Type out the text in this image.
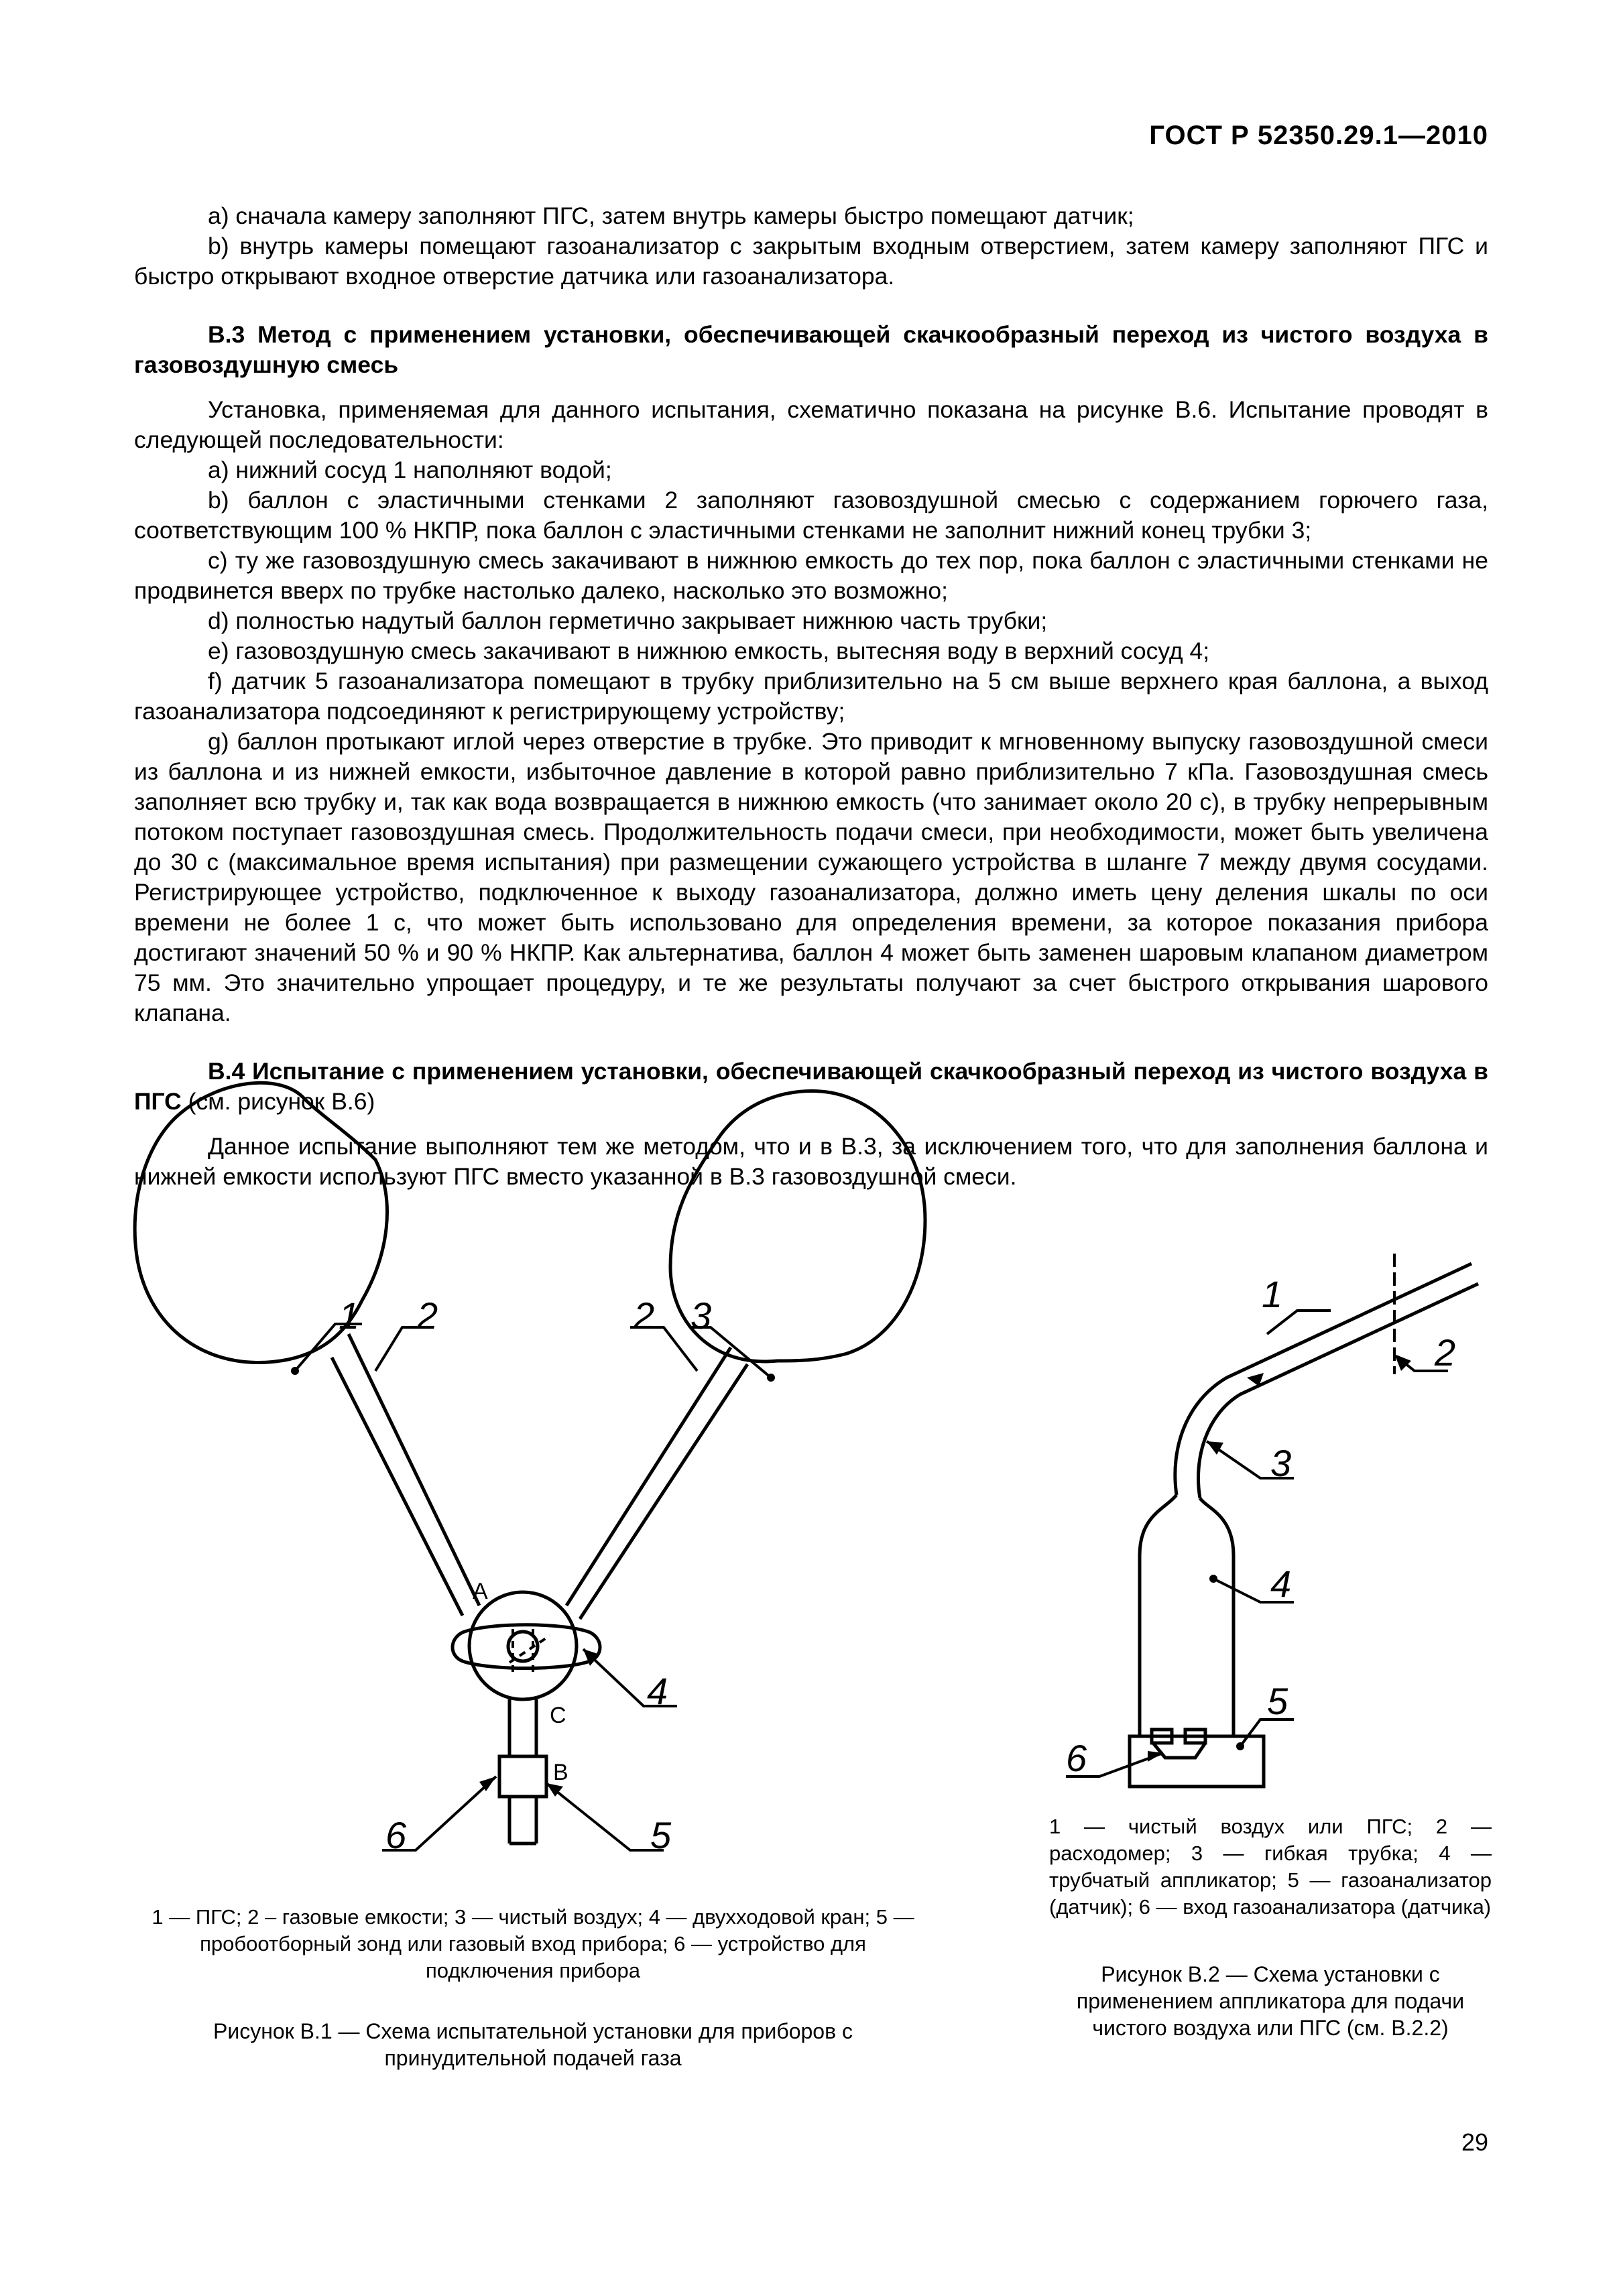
ГОСТ Р 52350.29.1—2010

a) сначала камеру заполняют ПГС, затем внутрь камеры быстро помещают датчик;

b) внутрь камеры помещают газоанализатор с закрытым входным отверстием, затем камеру заполняют ПГС и быстро открывают входное отверстие датчика или газоанализатора.

В.3 Метод с применением установки, обеспечивающей скачкообразный переход из чистого воздуха в газовоздушную смесь

Установка, применяемая для данного испытания, схематично показана на рисунке В.6. Испытание проводят в следующей последовательности:

a) нижний сосуд 1 наполняют водой;

b) баллон с эластичными стенками 2 заполняют газовоздушной смесью с содержанием горючего газа, соответствующим 100 % НКПР, пока баллон с эластичными стенками не заполнит нижний конец трубки 3;

c) ту же газовоздушную смесь закачивают в нижнюю емкость до тех пор, пока баллон с эластичными стенками не продвинется вверх по трубке настолько далеко, насколько это возможно;

d) полностью надутый баллон герметично закрывает нижнюю часть трубки;

e) газовоздушную смесь закачивают в нижнюю емкость, вытесняя воду в верхний сосуд 4;

f) датчик 5 газоанализатора помещают в трубку приблизительно на 5 см выше верхнего края баллона, а выход газоанализатора подсоединяют к регистрирующему устройству;

g) баллон протыкают иглой через отверстие в трубке. Это приводит к мгновенному выпуску газовоздушной смеси из баллона и из нижней емкости, избыточное давление в которой равно приблизительно 7 кПа. Газовоздушная смесь заполняет всю трубку и, так как вода возвращается в нижнюю емкость (что занимает около 20 с), в трубку непрерывным потоком поступает газовоздушная смесь. Продолжительность подачи смеси, при необходимости, может быть увеличена до 30 с (максимальное время испытания) при размещении сужающего устройства в шланге 7 между двумя сосудами. Регистрирующее устройство, подключенное к выходу газоанализатора, должно иметь цену деления шкалы по оси времени не более 1 с, что может быть использовано для определения времени, за которое показания прибора достигают значений 50 % и 90 % НКПР. Как альтернатива, баллон 4 может быть заменен шаровым клапаном диаметром 75 мм. Это значительно упрощает процедуру, и те же результаты получают за счет быстрого открывания шарового клапана.

В.4 Испытание с применением установки, обеспечивающей скачкообразный переход из чистого воздуха в ПГС (см. рисунок В.6)

Данное испытание выполняют тем же методом, что и в В.3, за исключением того, что для заполнения баллона и нижней емкости используют ПГС вместо указанной в В.3 газовоздушной смеси.

1 2	2 3
4
5
6
А
С
В
1 — ПГС; 2 – газовые емкости; 3 — чистый воздух; 4 — двухходовой кран; 5 — пробоотборный зонд или газовый вход прибора; 6 — устройство для подключения прибора
Рисунок В.1 — Схема испытательной установки для приборов с принудительной подачей газа
1
2
3
4
5
6
1 — чистый воздух или ПГС; 2 — расходомер; 3 — гибкая трубка; 4 — трубчатый аппликатор; 5 — газоанализатор (датчик); 6 — вход газоанализатора (датчика)
Рисунок В.2 — Схема установки с применением аппликатора для подачи чистого воздуха или ПГС (см. В.2.2)
29
